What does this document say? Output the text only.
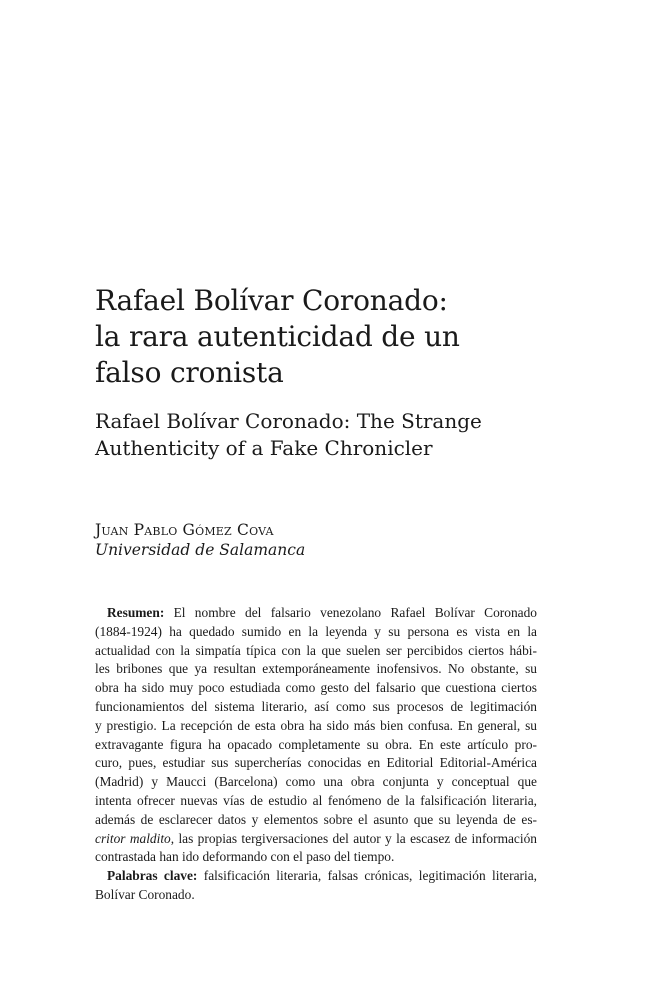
Rafael Bolívar Coronado:
la rara autenticidad de un
falso cronista
Rafael Bolívar Coronado: The Strange
Authenticity of a Fake Chronicler
Juan Pablo Gómez Cova
Universidad de Salamanca
Resumen: El nombre del falsario venezolano Rafael Bolívar Coronado
(1884-1924) ha quedado sumido en la leyenda y su persona es vista en la
actualidad con la simpatía típica con la que suelen ser percibidos ciertos hábi-
les bribones que ya resultan extemporáneamente inofensivos. No obstante, su
obra ha sido muy poco estudiada como gesto del falsario que cuestiona ciertos
funcionamientos del sistema literario, así como sus procesos de legitimación
y prestigio. La recepción de esta obra ha sido más bien confusa. En general, su
extravagante figura ha opacado completamente su obra. En este artículo pro-
curo, pues, estudiar sus supercherías conocidas en Editorial Editorial-América
(Madrid) y Maucci (Barcelona) como una obra conjunta y conceptual que
intenta ofrecer nuevas vías de estudio al fenómeno de la falsificación literaria,
además de esclarecer datos y elementos sobre el asunto que su leyenda de es-
critor maldito, las propias tergiversaciones del autor y la escasez de información
contrastada han ido deformando con el paso del tiempo.
Palabras clave: falsificación literaria, falsas crónicas, legitimación literaria,
Bolívar Coronado.
